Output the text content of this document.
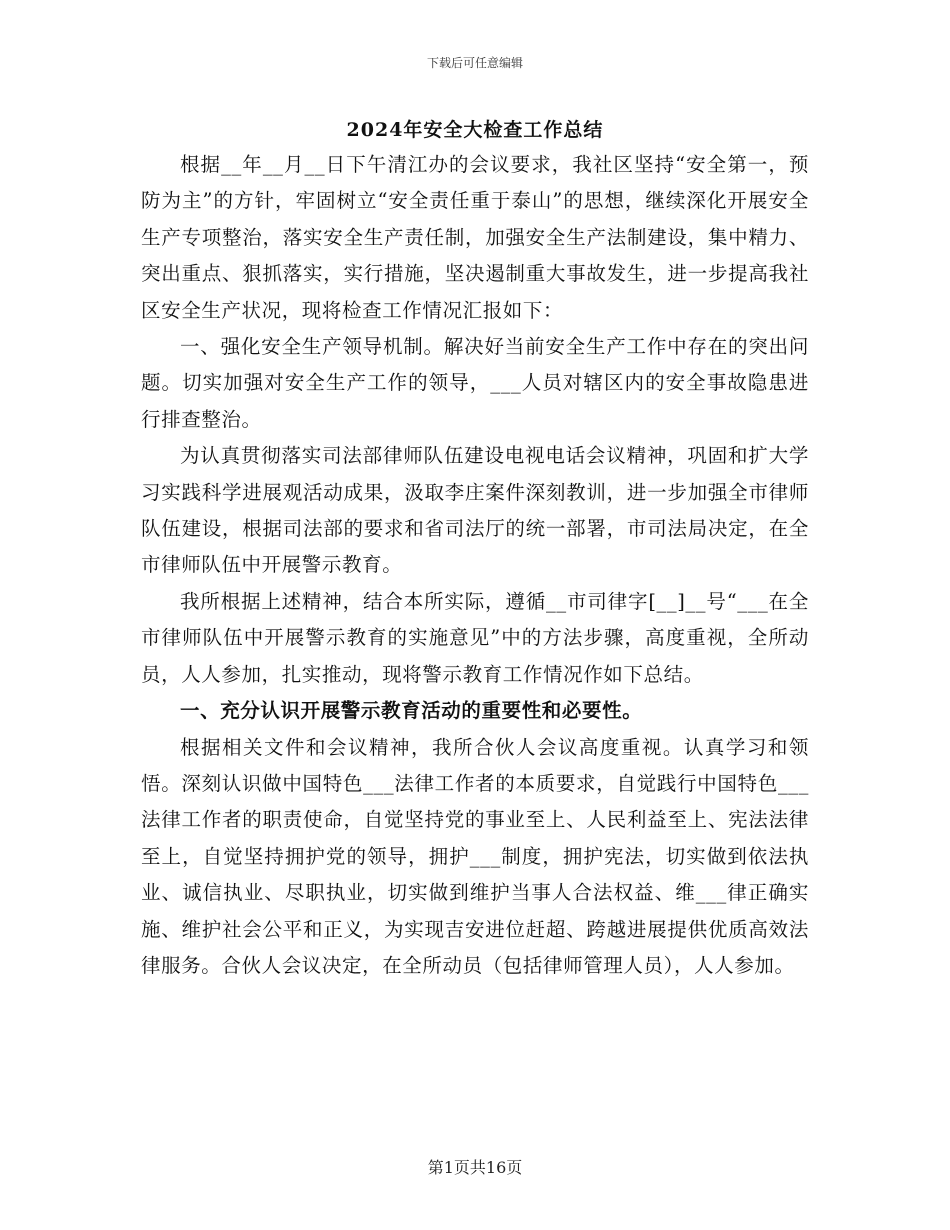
下载后可任意编辑
2024年安全大检查工作总结

根据__年__月__日下午清江办的会议要求，我社区坚持“安全第一，预防为主”的方针，牢固树立“安全责任重于泰山”的思想，继续深化开展安全生产专项整治，落实安全生产责任制，加强安全生产法制建设，集中精力、突出重点、狠抓落实，实行措施，坚决遏制重大事故发生，进一步提高我社区安全生产状况，现将检查工作情况汇报如下：

一、强化安全生产领导机制。解决好当前安全生产工作中存在的突出问题。切实加强对安全生产工作的领导，___人员对辖区内的安全事故隐患进行排查整治。

为认真贯彻落实司法部律师队伍建设电视电话会议精神，巩固和扩大学习实践科学进展观活动成果，汲取李庄案件深刻教训，进一步加强全市律师队伍建设，根据司法部的要求和省司法厅的统一部署，市司法局决定，在全市律师队伍中开展警示教育。

我所根据上述精神，结合本所实际，遵循__市司律字[__]__号“___在全市律师队伍中开展警示教育的实施意见”中的方法步骤，高度重视，全所动员，人人参加，扎实推动，现将警示教育工作情况作如下总结。

一、充分认识开展警示教育活动的重要性和必要性。

根据相关文件和会议精神，我所合伙人会议高度重视。认真学习和领悟。深刻认识做中国特色___法律工作者的本质要求，自觉践行中国特色___法律工作者的职责使命，自觉坚持党的事业至上、人民利益至上、宪法法律至上，自觉坚持拥护党的领导，拥护___制度，拥护宪法，切实做到依法执业、诚信执业、尽职执业，切实做到维护当事人合法权益、维___律正确实施、维护社会公平和正义，为实现吉安进位赶超、跨越进展提供优质高效法律服务。合伙人会议决定，在全所动员（包括律师管理人员），人人参加。

第1页共16页
